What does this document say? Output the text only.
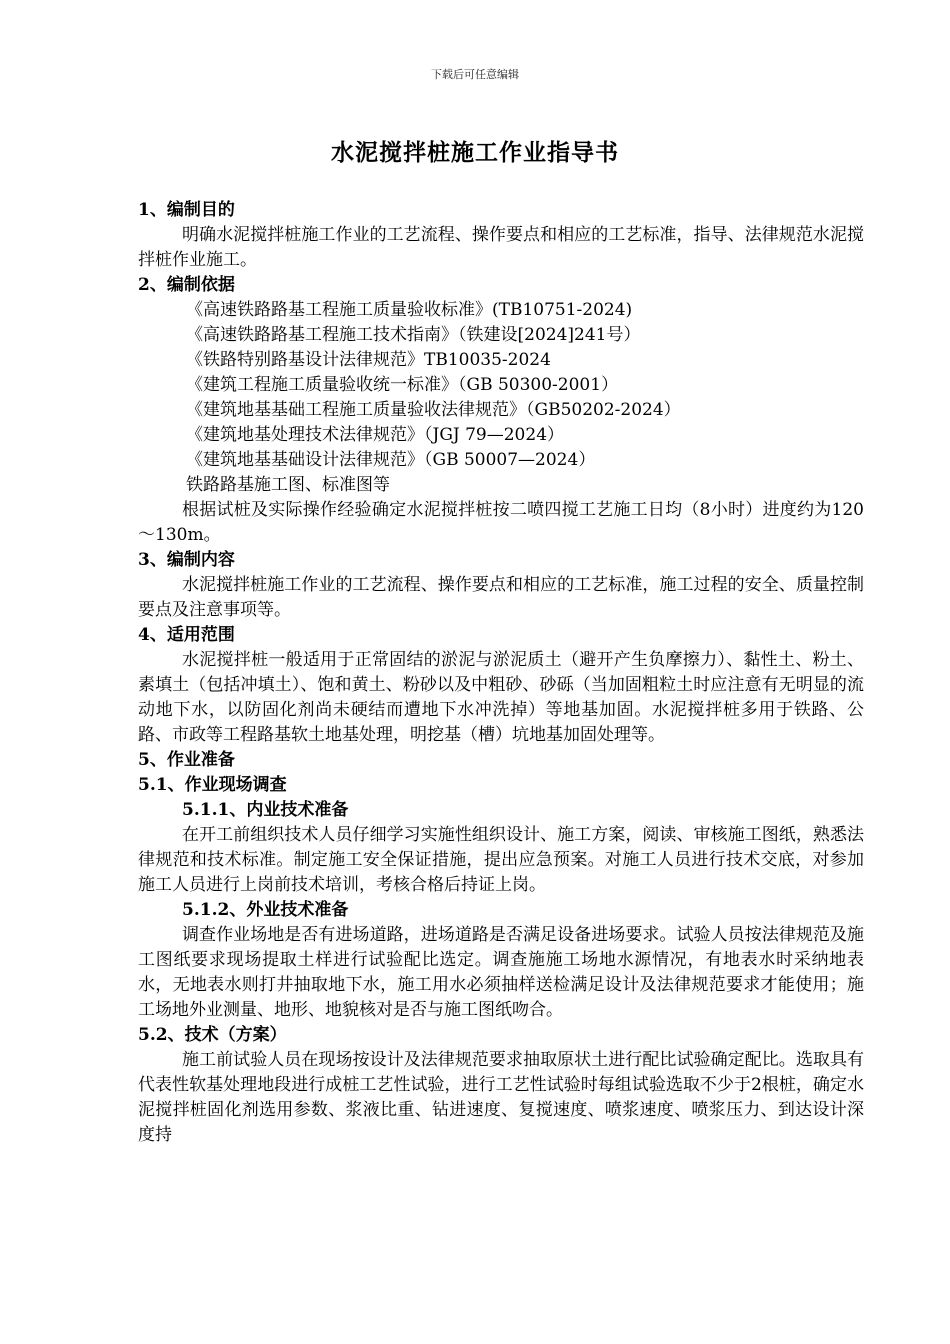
下载后可任意编辑
水泥搅拌桩施工作业指导书

1、编制目的

明确水泥搅拌桩施工作业的工艺流程、操作要点和相应的工艺标准，指导、法律规范水泥搅拌桩作业施工。

2、编制依据

《高速铁路路基工程施工质量验收标准》(TB10751-2024)

《高速铁路路基工程施工技术指南》（铁建设[2024]241号）

《铁路特别路基设计法律规范》TB10035-2024

《建筑工程施工质量验收统一标准》（GB 50300-2001）

《建筑地基基础工程施工质量验收法律规范》（GB50202-2024）

《建筑地基处理技术法律规范》（JGJ 79—2024）

《建筑地基基础设计法律规范》（GB 50007—2024）

铁路路基施工图、标准图等

根据试桩及实际操作经验确定水泥搅拌桩按二喷四搅工艺施工日均（8小时）进度约为120～130m。

3、编制内容

水泥搅拌桩施工作业的工艺流程、操作要点和相应的工艺标准，施工过程的安全、质量控制要点及注意事项等。

4、适用范围

水泥搅拌桩一般适用于正常固结的淤泥与淤泥质土（避开产生负摩擦力）、黏性土、粉土、素填土（包括冲填土）、饱和黄土、粉砂以及中粗砂、砂砾（当加固粗粒土时应注意有无明显的流动地下水，以防固化剂尚未硬结而遭地下水冲洗掉）等地基加固。水泥搅拌桩多用于铁路、公路、市政等工程路基软土地基处理，明挖基（槽）坑地基加固处理等。

5、作业准备

5.1、作业现场调查

5.1.1、内业技术准备

在开工前组织技术人员仔细学习实施性组织设计、施工方案，阅读、审核施工图纸，熟悉法律规范和技术标准。制定施工安全保证措施，提出应急预案。对施工人员进行技术交底，对参加施工人员进行上岗前技术培训，考核合格后持证上岗。

5.1.2、外业技术准备

调查作业场地是否有进场道路，进场道路是否满足设备进场要求。试验人员按法律规范及施工图纸要求现场提取土样进行试验配比选定。调查施施工场地水源情况，有地表水时采纳地表水，无地表水则打井抽取地下水，施工用水必须抽样送检满足设计及法律规范要求才能使用；施工场地外业测量、地形、地貌核对是否与施工图纸吻合。

5.2、技术（方案）

施工前试验人员在现场按设计及法律规范要求抽取原状土进行配比试验确定配比。选取具有代表性软基处理地段进行成桩工艺性试验，进行工艺性试验时每组试验选取不少于2根桩，确定水泥搅拌桩固化剂选用参数、浆液比重、钻进速度、复搅速度、喷浆速度、喷浆压力、到达设计深度持
